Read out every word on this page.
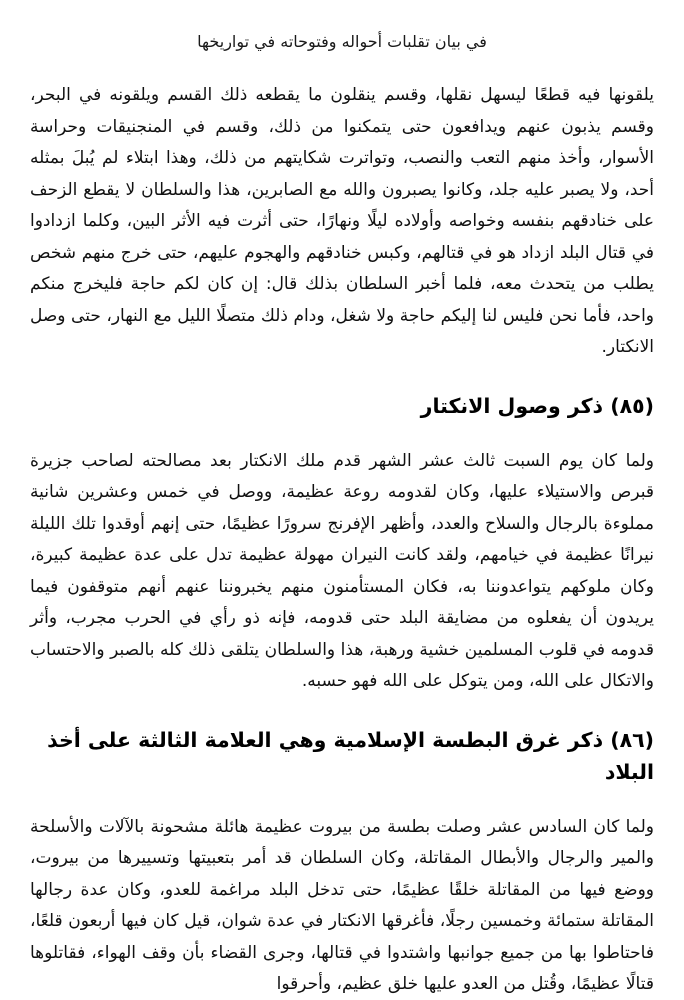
في بيان تقلبات أحواله وفتوحاته في تواريخها

يلقونها فيه قطعًا ليسهل نقلها، وقسم ينقلون ما يقطعه ذلك القسم ويلقونه في البحر، وقسم يذبون عنهم ويدافعون حتى يتمكنوا من ذلك، وقسم في المنجنيقات وحراسة الأسوار، وأخذ منهم التعب والنصب، وتواترت شكايتهم من ذلك، وهذا ابتلاء لم يُبلَ بمثله أحد، ولا يصبر عليه جلد، وكانوا يصبرون والله مع الصابرين، هذا والسلطان لا يقطع الزحف على خنادقهم بنفسه وخواصه وأولاده ليلًا ونهارًا، حتى أثرت فيه الأثر البين، وكلما ازدادوا في قتال البلد ازداد هو في قتالهم، وكبس خنادقهم والهجوم عليهم، حتى خرج منهم شخص يطلب من يتحدث معه، فلما أخبر السلطان بذلك قال: إن كان لكم حاجة فليخرج منكم واحد، فأما نحن فليس لنا إليكم حاجة ولا شغل، ودام ذلك متصلًا الليل مع النهار، حتى وصل الانكتار.

(٨٥) ذكر وصول الانكتار

ولما كان يوم السبت ثالث عشر الشهر قدم ملك الانكتار بعد مصالحته لصاحب جزيرة قبرص والاستيلاء عليها، وكان لقدومه روعة عظيمة، ووصل في خمس وعشرين شانية مملوءة بالرجال والسلاح والعدد، وأظهر الإفرنج سرورًا عظيمًا، حتى إنهم أوقدوا تلك الليلة نيرانًا عظيمة في خيامهم، ولقد كانت النيران مهولة عظيمة تدل على عدة عظيمة كبيرة، وكان ملوكهم يتواعدوننا به، فكان المستأمنون منهم يخبروننا عنهم أنهم متوقفون فيما يريدون أن يفعلوه من مضايقة البلد حتى قدومه، فإنه ذو رأي في الحرب مجرب، وأثر قدومه في قلوب المسلمين خشية ورهبة، هذا والسلطان يتلقى ذلك كله بالصبر والاحتساب والاتكال على الله، ومن يتوكل على الله فهو حسبه.

(٨٦) ذكر غرق البطسة الإسلامية وهي العلامة الثالثة على أخذ البلاد

ولما كان السادس عشر وصلت بطسة من بيروت عظيمة هائلة مشحونة بالآلات والأسلحة والمير والرجال والأبطال المقاتلة، وكان السلطان قد أمر بتعبيتها وتسييرها من بيروت، ووضع فيها من المقاتلة خلقًا عظيمًا، حتى تدخل البلد مراغمة للعدو، وكان عدة رجالها المقاتلة ستمائة وخمسين رجلًا، فأغرقها الانكتار في عدة شوان، قيل كان فيها أربعون قلعًا، فاحتاطوا بها من جميع جوانبها واشتدوا في قتالها، وجرى القضاء بأن وقف الهواء، فقاتلوها قتالًا عظيمًا، وقُتل من العدو عليها خلق عظيم، وأحرقوا
